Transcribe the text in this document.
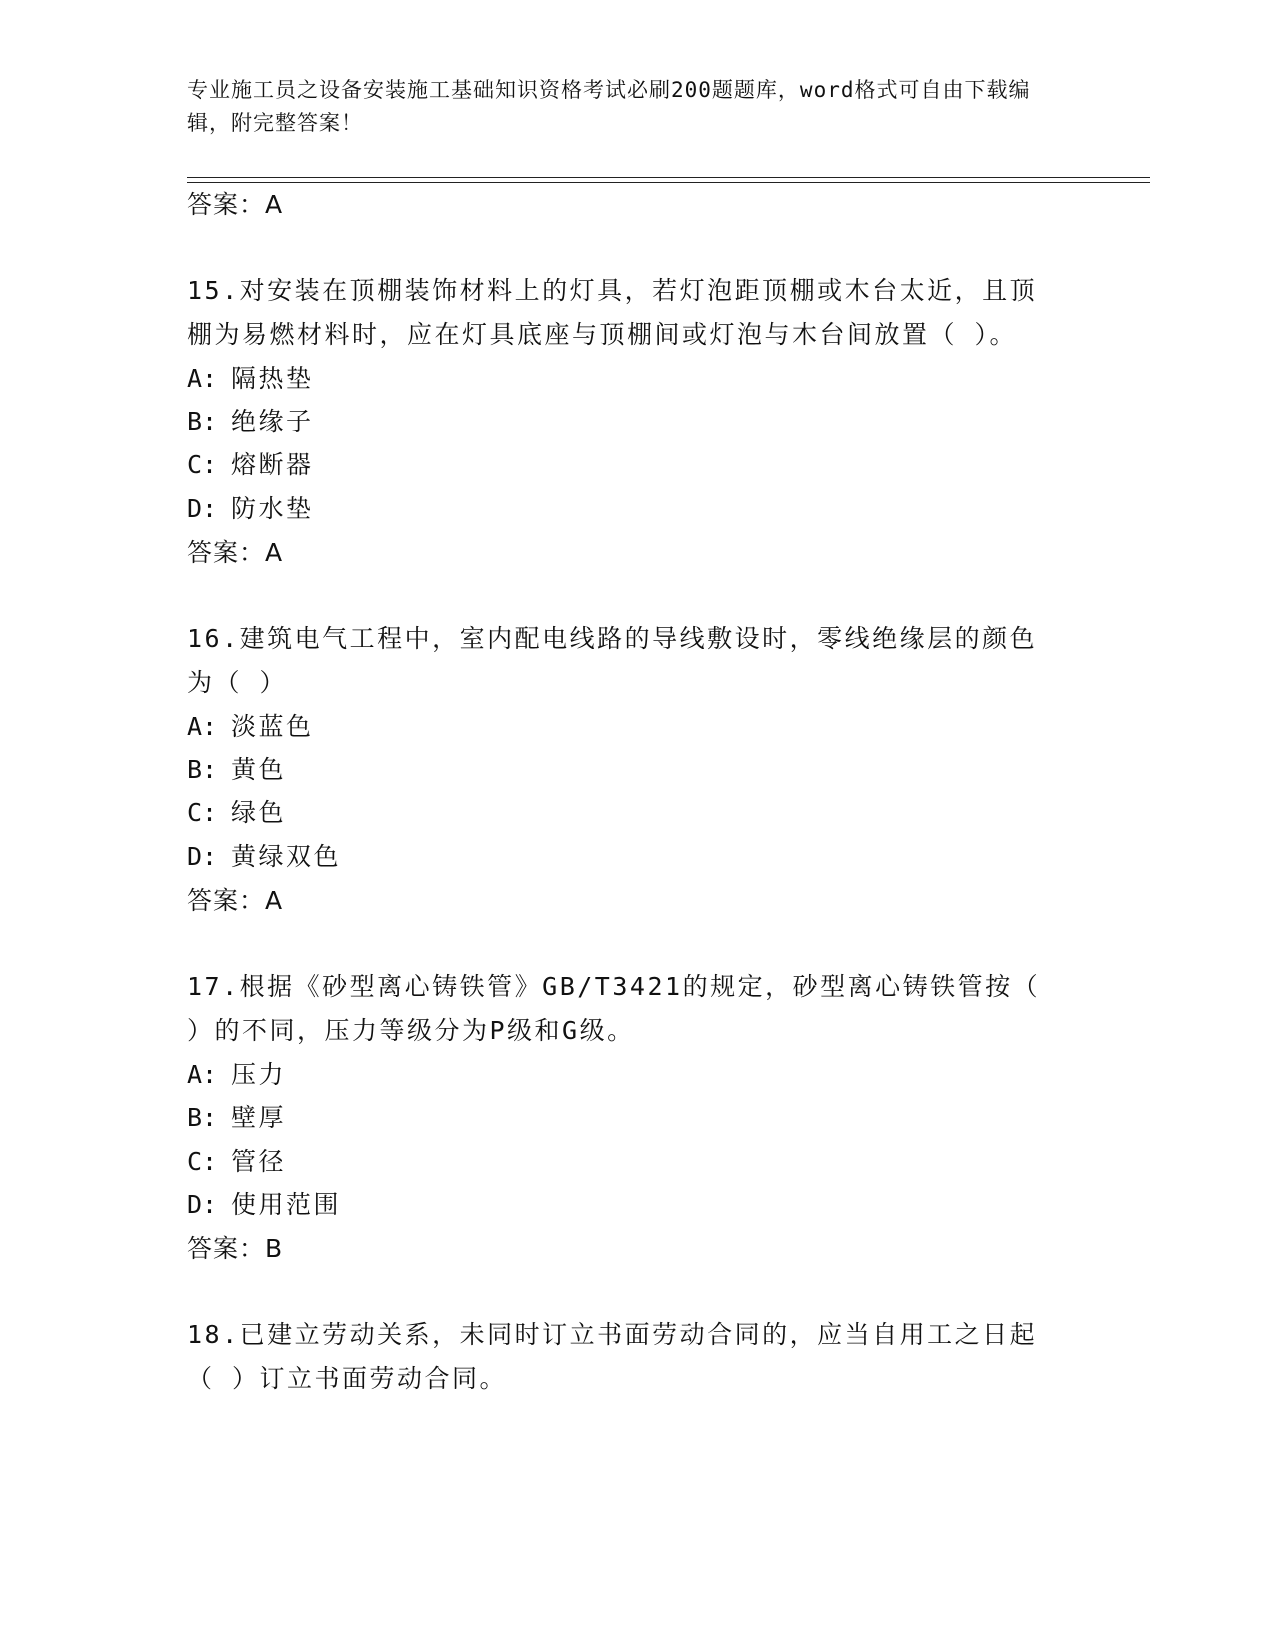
专业施工员之设备安装施工基础知识资格考试必刷200题题库，word格式可自由下载编辑，附完整答案！
答案：A
15.对安装在顶棚装饰材料上的灯具，若灯泡距顶棚或木台太近，且顶
棚为易燃材料时，应在灯具底座与顶棚间或灯泡与木台间放置（ ）。
A: 隔热垫
B: 绝缘子
C: 熔断器
D: 防水垫
答案：A
16.建筑电气工程中，室内配电线路的导线敷设时，零线绝缘层的颜色
为（ ）
A: 淡蓝色
B: 黄色
C: 绿色
D: 黄绿双色
答案：A
17.根据《砂型离心铸铁管》GB/T3421的规定，砂型离心铸铁管按（
）的不同，压力等级分为P级和G级。
A: 压力
B: 壁厚
C: 管径
D: 使用范围
答案：B
18.已建立劳动关系，未同时订立书面劳动合同的，应当自用工之日起
（ ）订立书面劳动合同。
